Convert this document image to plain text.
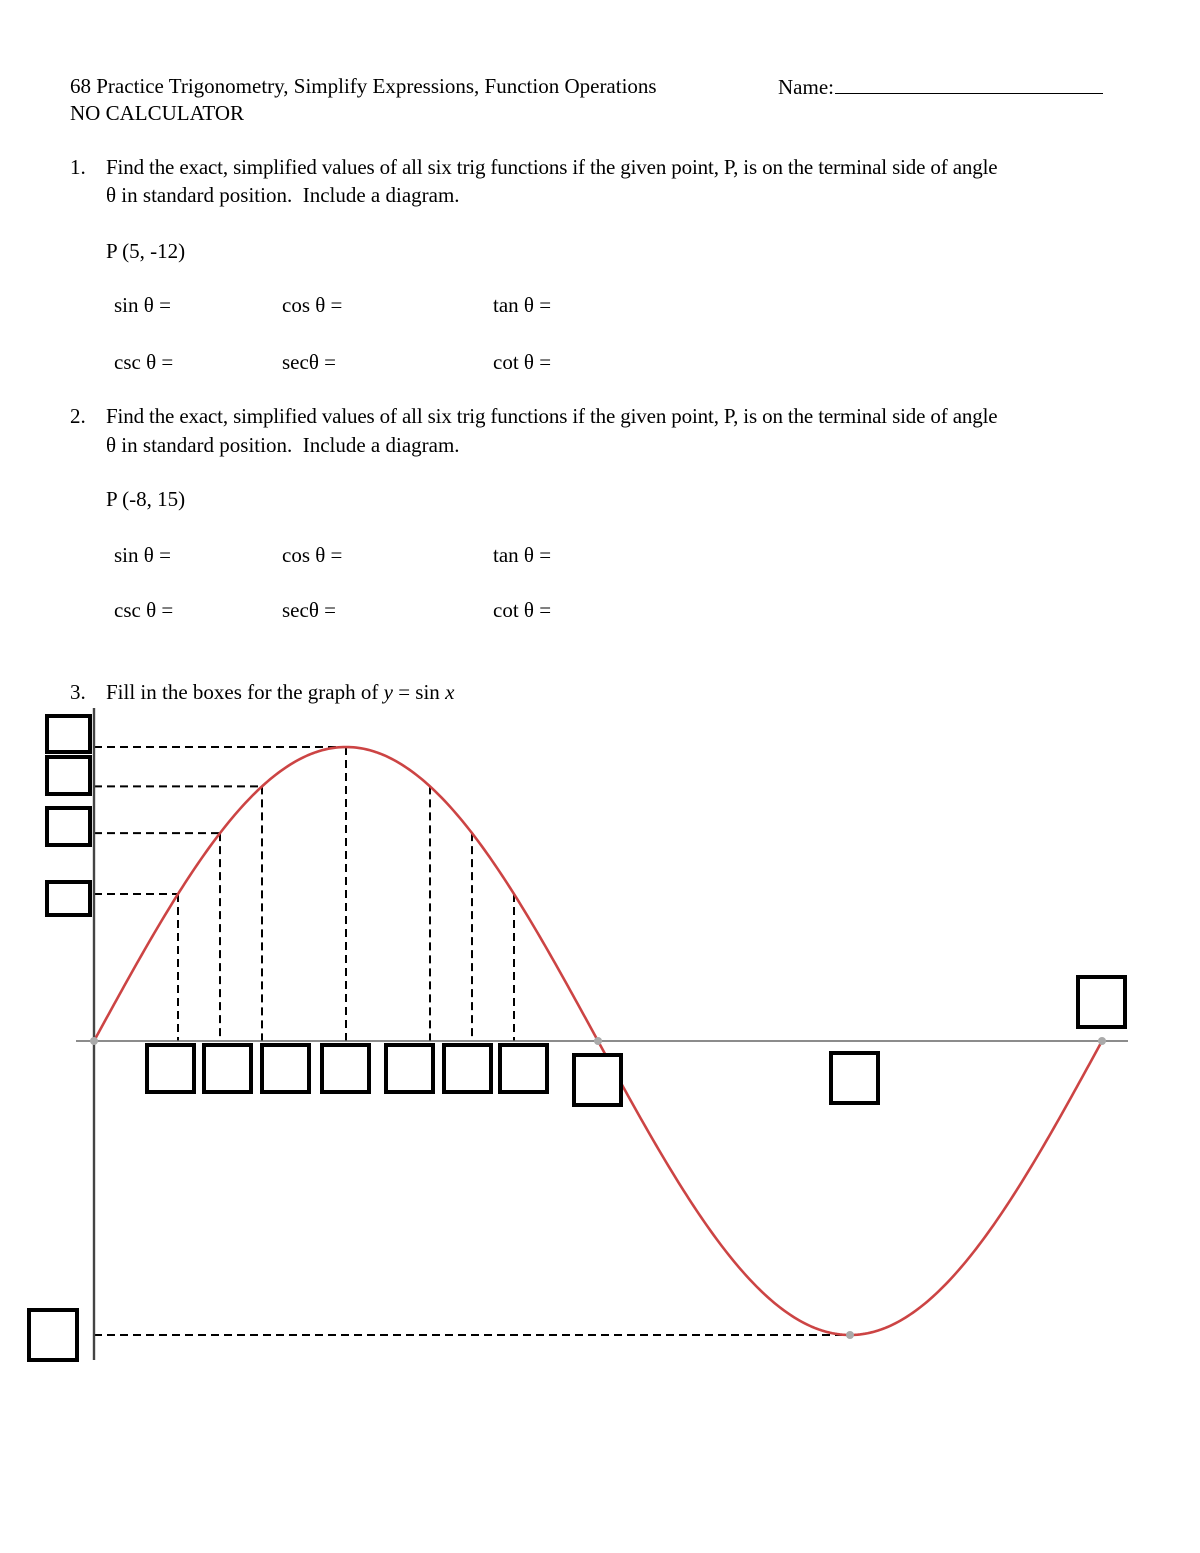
68 Practice Trigonometry, Simplify Expressions, Function Operations	Name:
NO CALCULATOR
1. Find the exact, simplified values of all six trig functions if the given point, P, is on the terminal side of angle
θ in standard position.  Include a diagram.
P (5, -12)
sin θ =	cos θ =	tan θ =
csc θ =	secθ =	cot θ =
2. Find the exact, simplified values of all six trig functions if the given point, P, is on the terminal side of angle
θ in standard position.  Include a diagram.
P (-8, 15)
sin θ =	cos θ =	tan θ =
csc θ =	secθ =	cot θ =
3. Fill in the boxes for the graph of y = sin x
